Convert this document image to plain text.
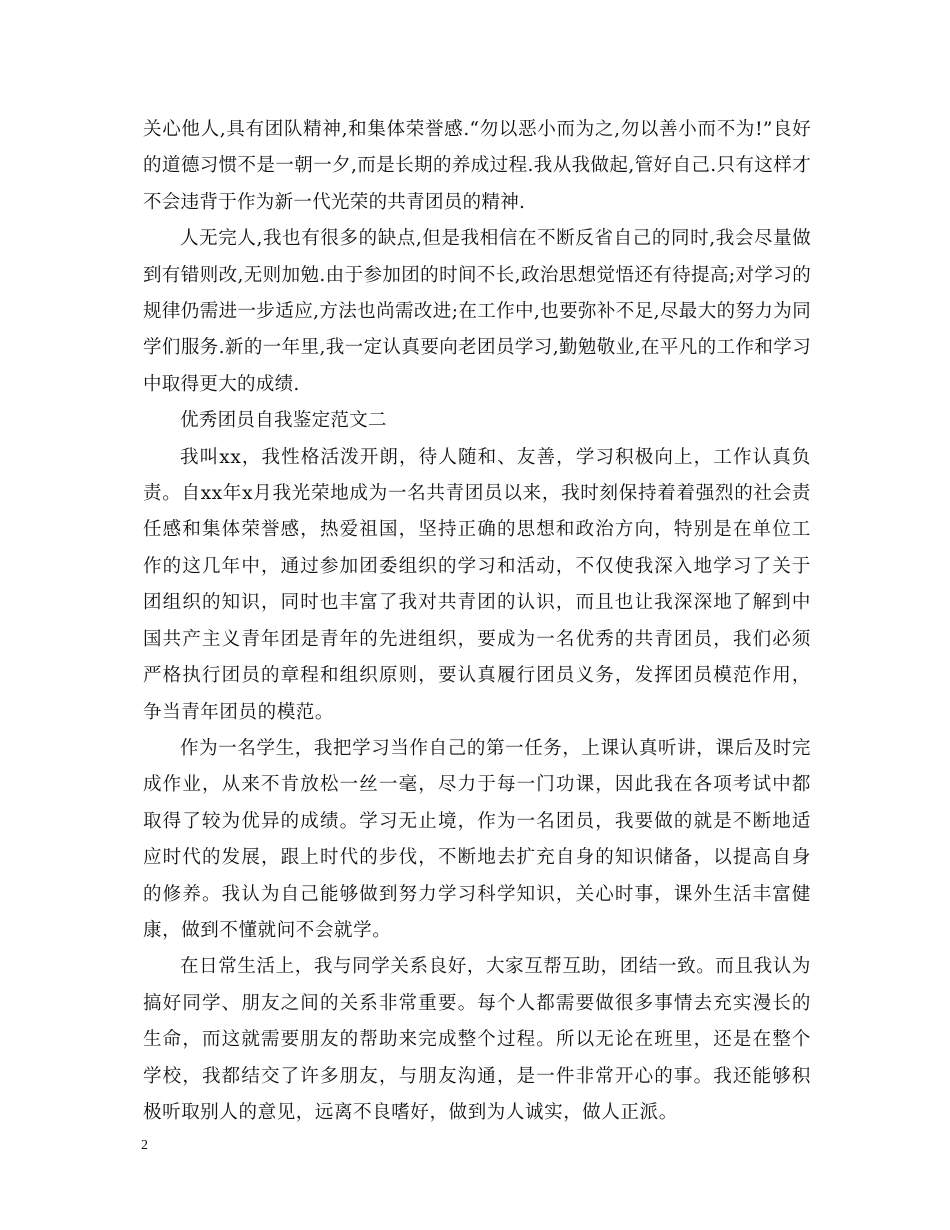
关心他人,具有团队精神,和集体荣誉感.“勿以恶小而为之,勿以善小而不为!”良好的道德习惯不是一朝一夕,而是长期的养成过程.我从我做起,管好自己.只有这样才不会违背于作为新一代光荣的共青团员的精神.

人无完人,我也有很多的缺点,但是我相信在不断反省自己的同时,我会尽量做到有错则改,无则加勉.由于参加团的时间不长,政治思想觉悟还有待提高;对学习的规律仍需进一步适应,方法也尚需改进;在工作中,也要弥补不足,尽最大的努力为同学们服务.新的一年里,我一定认真要向老团员学习,勤勉敬业,在平凡的工作和学习中取得更大的成绩.

优秀团员自我鉴定范文二

我叫xx，我性格活泼开朗，待人随和、友善，学习积极向上，工作认真负责。自xx年x月我光荣地成为一名共青团员以来，我时刻保持着着强烈的社会责任感和集体荣誉感，热爱祖国，坚持正确的思想和政治方向，特别是在单位工作的这几年中，通过参加团委组织的学习和活动，不仅使我深入地学习了关于团组织的知识，同时也丰富了我对共青团的认识，而且也让我深深地了解到中国共产主义青年团是青年的先进组织，要成为一名优秀的共青团员，我们必须严格执行团员的章程和组织原则，要认真履行团员义务，发挥团员模范作用，争当青年团员的模范。

作为一名学生，我把学习当作自己的第一任务，上课认真听讲，课后及时完成作业，从来不肯放松一丝一毫，尽力于每一门功课，因此我在各项考试中都取得了较为优异的成绩。学习无止境，作为一名团员，我要做的就是不断地适应时代的发展，跟上时代的步伐，不断地去扩充自身的知识储备，以提高自身的修养。我认为自己能够做到努力学习科学知识，关心时事，课外生活丰富健康，做到不懂就问不会就学。

在日常生活上，我与同学关系良好，大家互帮互助，团结一致。而且我认为搞好同学、朋友之间的关系非常重要。每个人都需要做很多事情去充实漫长的生命，而这就需要朋友的帮助来完成整个过程。所以无论在班里，还是在整个学校，我都结交了许多朋友，与朋友沟通，是一件非常开心的事。我还能够积极听取别人的意见，远离不良嗜好，做到为人诚实，做人正派。

2
